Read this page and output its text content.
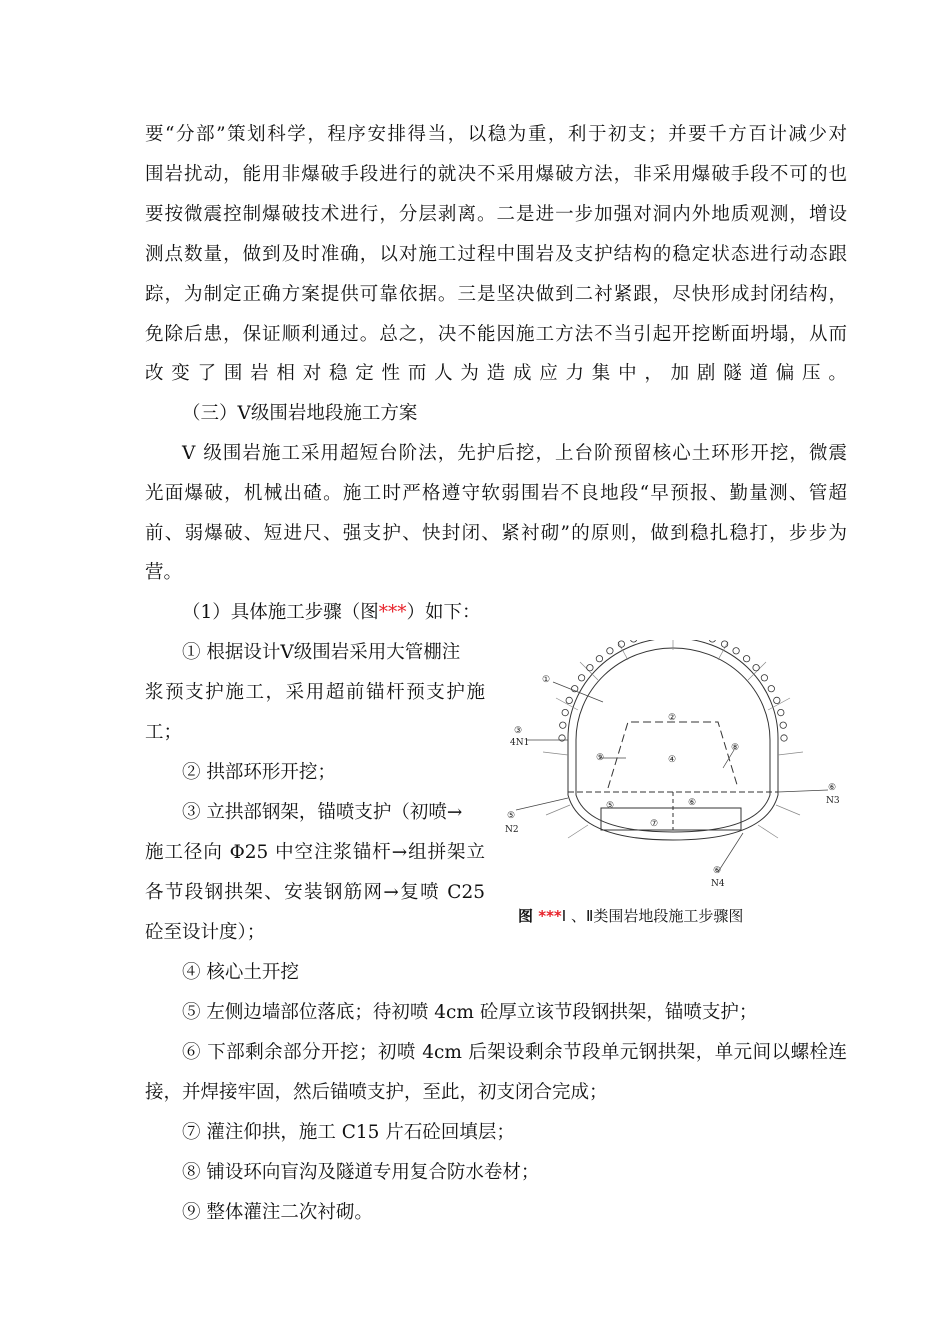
要“分部”策划科学，程序安排得当，以稳为重，利于初支；并要千方百计减少对
围岩扰动，能用非爆破手段进行的就决不采用爆破方法，非采用爆破手段不可的也
要按微震控制爆破技术进行，分层剥离。二是进一步加强对洞内外地质观测，增设
测点数量，做到及时准确，以对施工过程中围岩及支护结构的稳定状态进行动态跟
踪，为制定正确方案提供可靠依据。三是坚决做到二衬紧跟，尽快形成封闭结构，
免除后患，保证顺利通过。总之，决不能因施工方法不当引起开挖断面坍塌，从而
改 变 了 围 岩 相 对 稳 定 性 而 人 为 造 成 应 力 集 中 ， 加 剧 隧 道 偏 压 。
（三）Ⅴ级围岩地段施工方案
Ⅴ 级围岩施工采用超短台阶法，先护后挖，上台阶预留核心土环形开挖，微震
光面爆破，机械出碴。施工时严格遵守软弱围岩不良地段“早预报、勤量测、管超
前、弱爆破、短进尺、强支护、快封闭、紧衬砌”的原则，做到稳扎稳打，步步为
营。
（1）具体施工步骤（图***）如下：
① 根据设计Ⅴ级围岩采用大管棚注
浆预支护施工，采用超前锚杆预支护施
工；
② 拱部环形开挖；
③ 立拱部钢架，锚喷支护（初喷→
施工径向 Φ25 中空注浆锚杆→组拼架立
各节段钢拱架、安装钢筋网→复喷 C25
砼至设计度）；
①
②
③
4N1
④
⑤
⑤
N2
⑥
⑥
N3
⑥
N4
⑦
⑧
⑨
图 ***Ⅰ 、Ⅱ类围岩地段施工步骤图
④ 核心土开挖
⑤ 左侧边墙部位落底；待初喷 4cm 砼厚立该节段钢拱架，锚喷支护；
⑥ 下部剩余部分开挖；初喷 4cm 后架设剩余节段单元钢拱架，单元间以螺栓连
接，并焊接牢固，然后锚喷支护，至此，初支闭合完成；
⑦ 灌注仰拱，施工 C15 片石砼回填层；
⑧ 铺设环向盲沟及隧道专用复合防水卷材；
⑨ 整体灌注二次衬砌。
